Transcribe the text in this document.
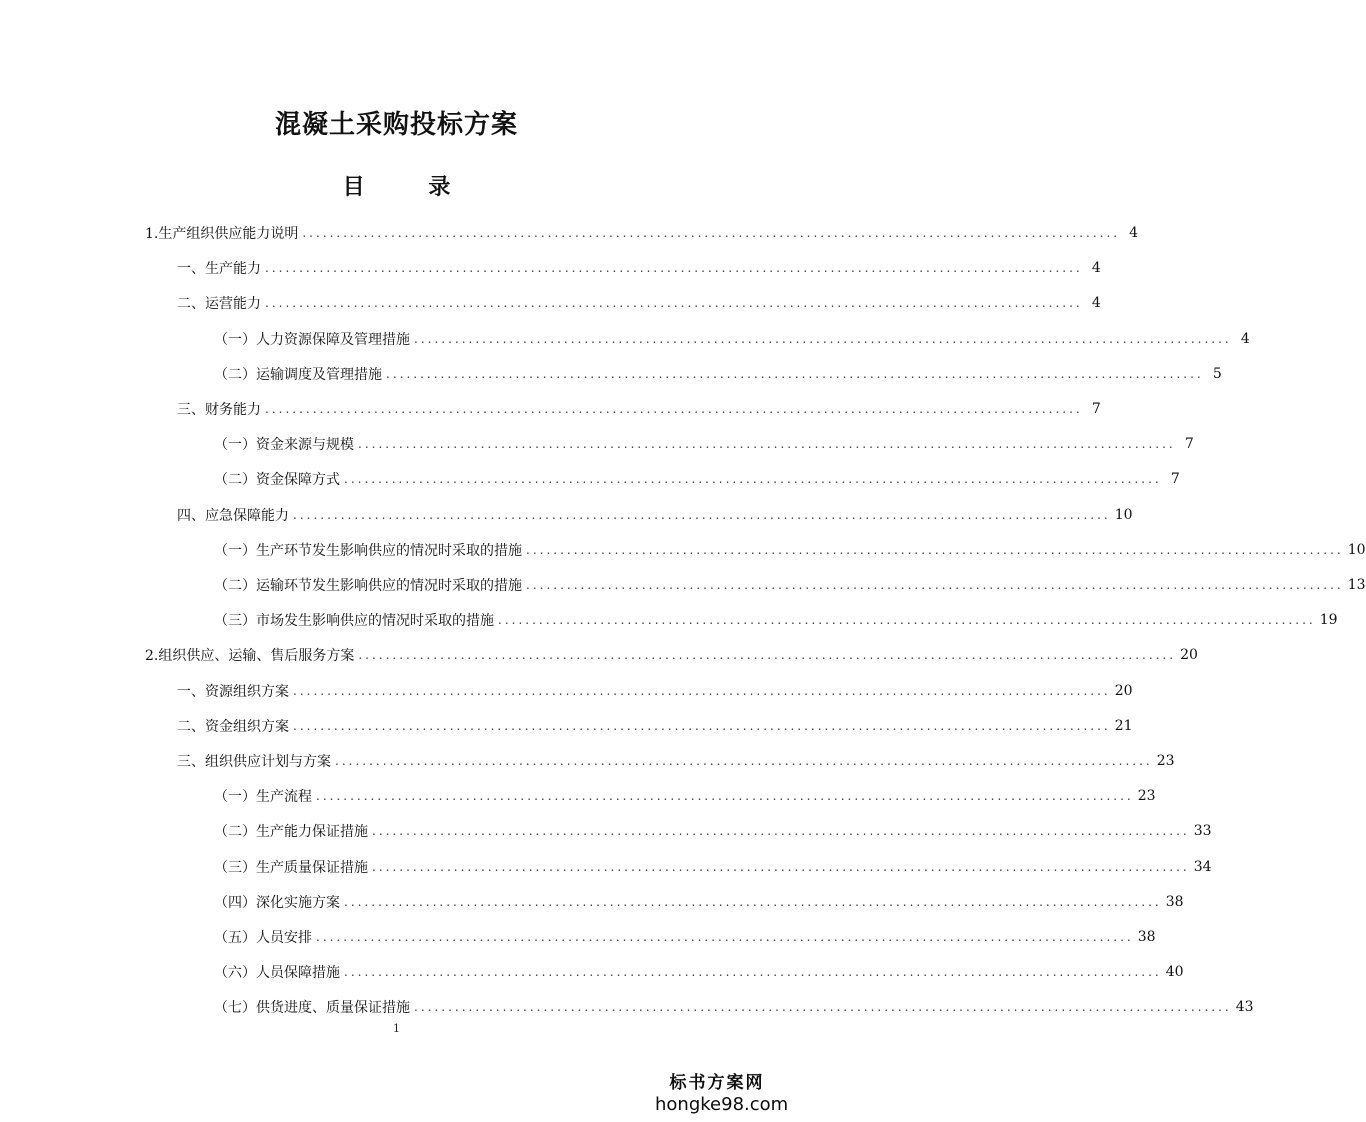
混凝土采购投标方案
目 录
1.生产组织供应能力说明 ........................................................................................................................ 4
一、生产能力 ........................................................................................................................ 4
二、运营能力 ........................................................................................................................ 4
（一）人力资源保障及管理措施 ........................................................................................................................ 4
（二）运输调度及管理措施 ........................................................................................................................ 5
三、财务能力 ........................................................................................................................ 7
（一）资金来源与规模 ........................................................................................................................ 7
（二）资金保障方式 ........................................................................................................................ 7
四、应急保障能力 ........................................................................................................................ 10
（一）生产环节发生影响供应的情况时采取的措施 ........................................................................................................................ 10
（二）运输环节发生影响供应的情况时采取的措施 ........................................................................................................................ 13
（三）市场发生影响供应的情况时采取的措施 ........................................................................................................................ 19
2.组织供应、运输、售后服务方案 ........................................................................................................................ 20
一、资源组织方案 ........................................................................................................................ 20
二、资金组织方案 ........................................................................................................................ 21
三、组织供应计划与方案 ........................................................................................................................ 23
（一）生产流程 ........................................................................................................................ 23
（二）生产能力保证措施 ........................................................................................................................ 33
（三）生产质量保证措施 ........................................................................................................................ 34
（四）深化实施方案 ........................................................................................................................ 38
（五）人员安排 ........................................................................................................................ 38
（六）人员保障措施 ........................................................................................................................ 40
（七）供货进度、质量保证措施 ........................................................................................................................ 43
1
标书方案网
hongke98.com
